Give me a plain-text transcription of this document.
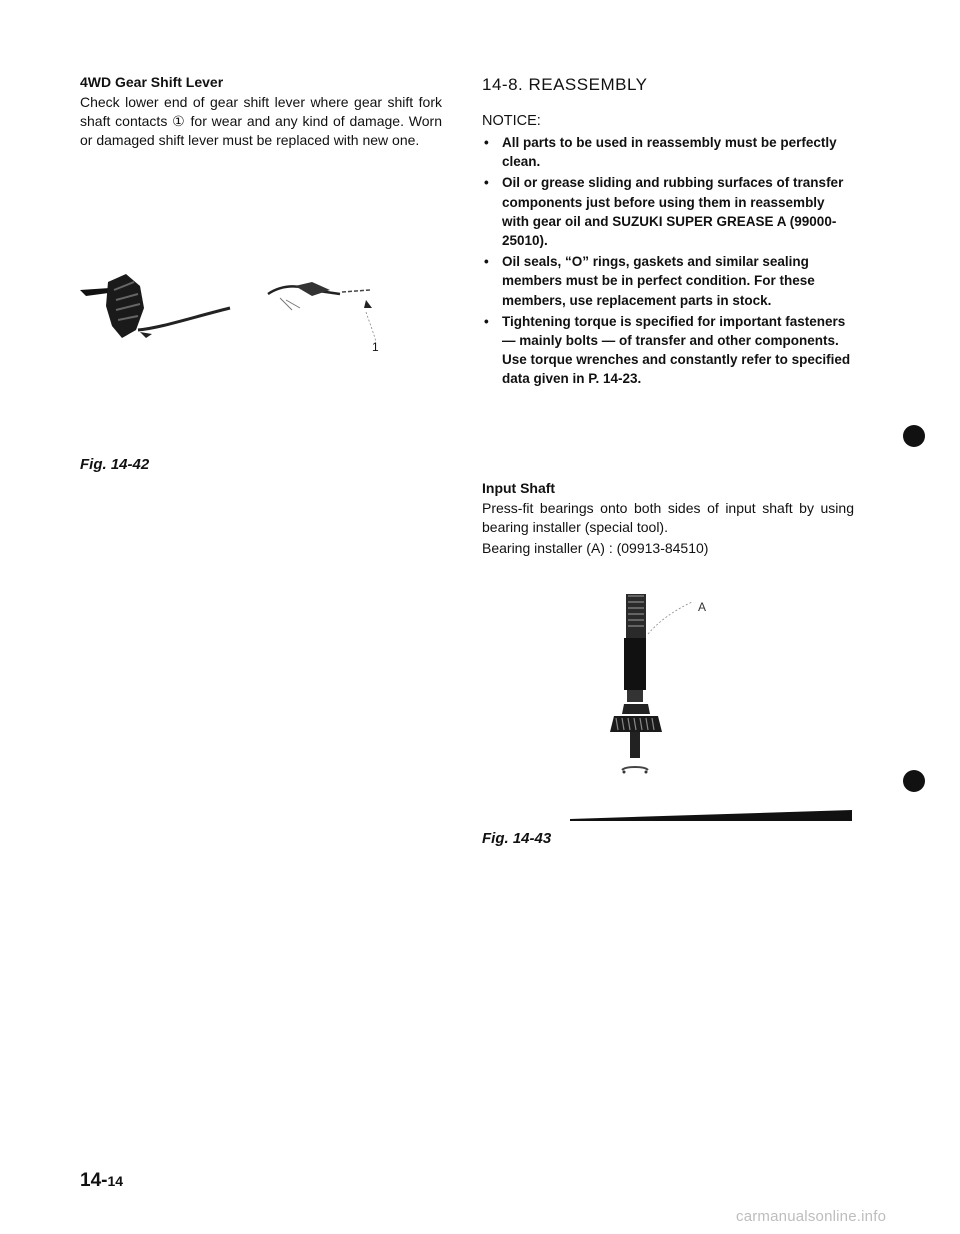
4WD Gear Shift Lever
Check lower end of gear shift lever where gear shift fork shaft contacts ① for wear and any kind of damage. Worn or damaged shift lever must be replaced with new one.
1
Fig. 14-42
14-8. REASSEMBLY
NOTICE:
• All parts to be used in reassembly must be perfectly clean.
• Oil or grease sliding and rubbing surfaces of transfer components just before using them in reassembly with gear oil and SUZUKI SUPER GREASE A (99000-25010).
• Oil seals, “O” rings, gaskets and similar sealing members must be in perfect condition. For these members, use replacement parts in stock.
• Tightening torque is specified for important fasteners — mainly bolts — of transfer and other components. Use torque wrenches and constantly refer to specified data given in P. 14-23.
Input Shaft
Press-fit bearings onto both sides of input shaft by using bearing installer (special tool).
Bearing installer (A) : (09913-84510)
A
Fig. 14-43
14-14
carmanualsonline.info
